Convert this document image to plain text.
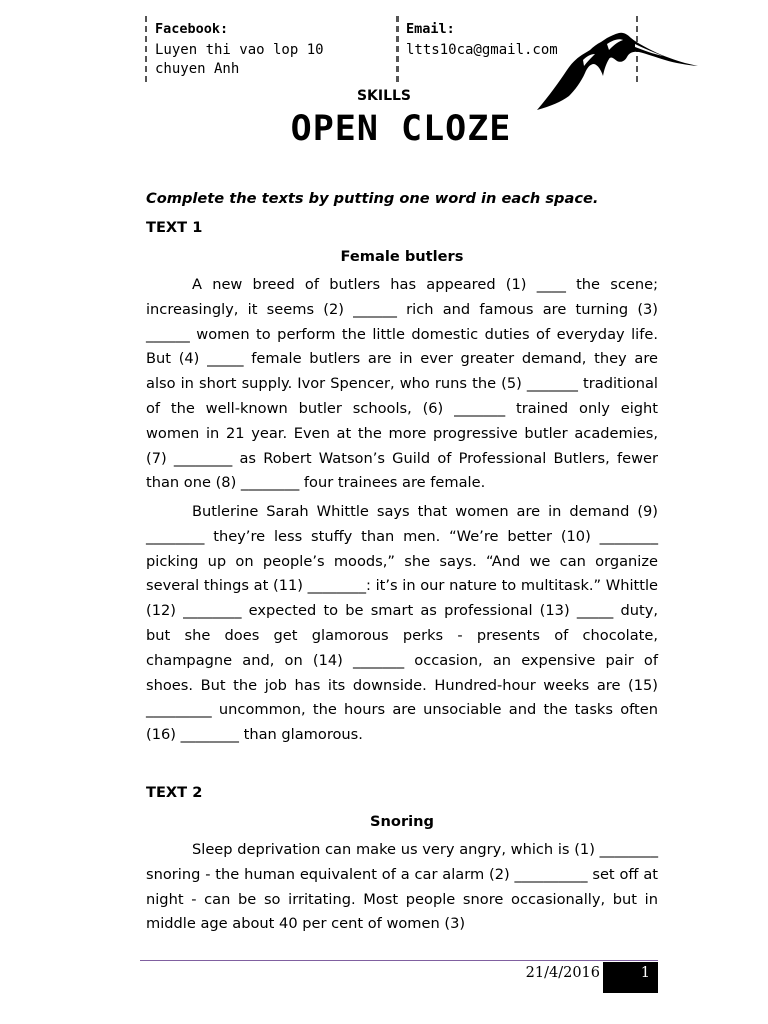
Facebook:
Luyen thi vao lop 10
chuyen Anh
Email:
ltts10ca@gmail.com
SKILLS
OPEN CLOZE
Complete the texts by putting one word in each space.
TEXT 1
Female butlers

A new breed of butlers has appeared (1) ____ the scene; increasingly, it seems (2) ______ rich and famous are turning (3) ______ women to perform the little domestic duties of everyday life. But (4) _____ female butlers are in ever greater demand, they are also in short supply. Ivor Spencer, who runs the (5) _______ traditional of the well-known butler schools, (6) _______ trained only eight women in 21 year. Even at the more progressive butler academies, (7) ________ as Robert Watson’s Guild of Professional Butlers, fewer than one (8) ________ four trainees are female.

Butlerine Sarah Whittle says that women are in demand (9) ________ they’re less stuffy than men. “We’re better (10) ________ picking up on people’s moods,” she says. “And we can organize several things at (11) ________: it’s in our nature to multitask.” Whittle (12) ________ expected to be smart as professional (13) _____ duty, but she does get glamorous perks - presents of chocolate, champagne and, on (14) _______ occasion, an expensive pair of shoes. But the job has its downside. Hundred-hour weeks are (15) _________ uncommon, the hours are unsociable and the tasks often (16) ________ than glamorous.

TEXT 2
Snoring

Sleep deprivation can make us very angry, which is (1) ________ snoring - the human equivalent of a car alarm (2) __________ set off at night - can be so irritating. Most people snore occasionally, but in middle age about 40 per cent of women (3)

21/4/2016	1
